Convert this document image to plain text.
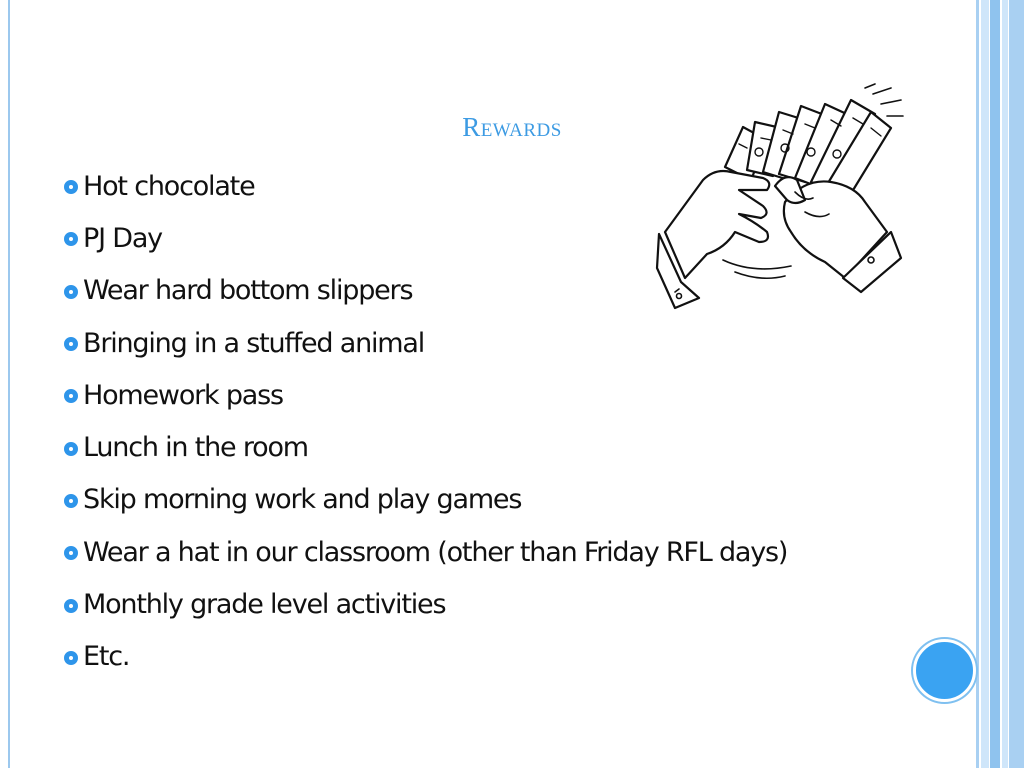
Rewards
Hot chocolate
PJ Day
Wear hard bottom slippers
Bringing in a stuffed animal
Homework pass
Lunch in the room
Skip morning work and play games
Wear a hat in our classroom (other than Friday RFL days)
Monthly grade level activities
Etc.
